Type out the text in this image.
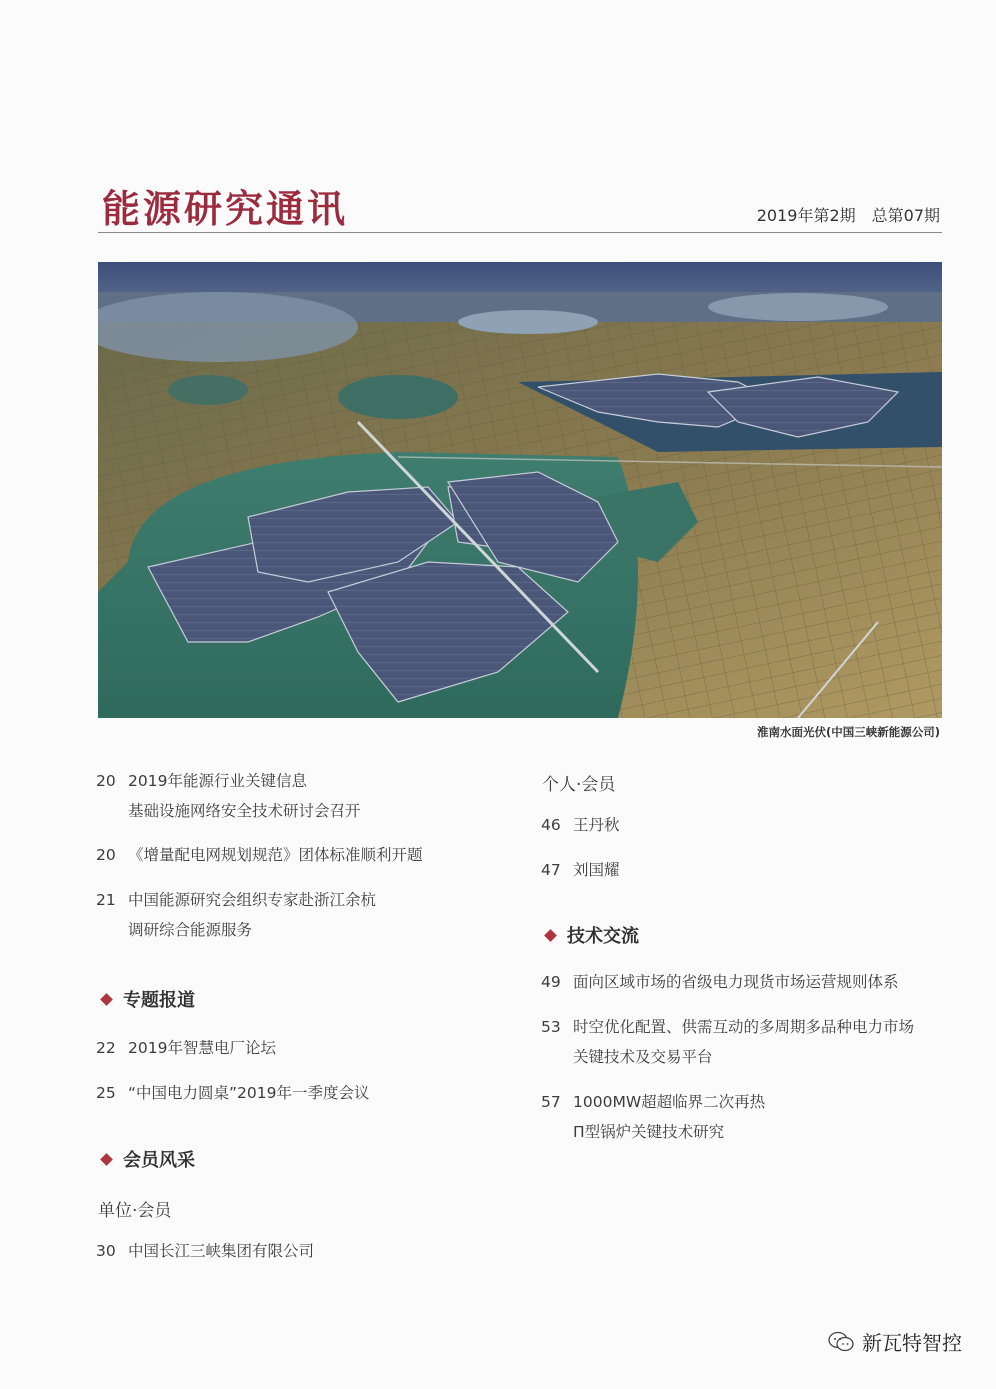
能源研究通讯	2019年第2期　总第07期
淮南水面光伏(中国三峡新能源公司)
20 2019年能源行业关键信息
基础设施网络安全技术研讨会召开
20 《增量配电网规划规范》团体标准顺利开题
21 中国能源研究会组织专家赴浙江余杭
调研综合能源服务
专题报道
22 2019年智慧电厂论坛
25 “中国电力圆桌”2019年一季度会议
会员风采
单位·会员
30 中国长江三峡集团有限公司
个人·会员
46 王丹秋
47 刘国耀
技术交流
49 面向区域市场的省级电力现货市场运营规则体系
53 时空优化配置、供需互动的多周期多品种电力市场
关键技术及交易平台
57 1000MW超超临界二次再热
П型锅炉关键技术研究
新瓦特智控
